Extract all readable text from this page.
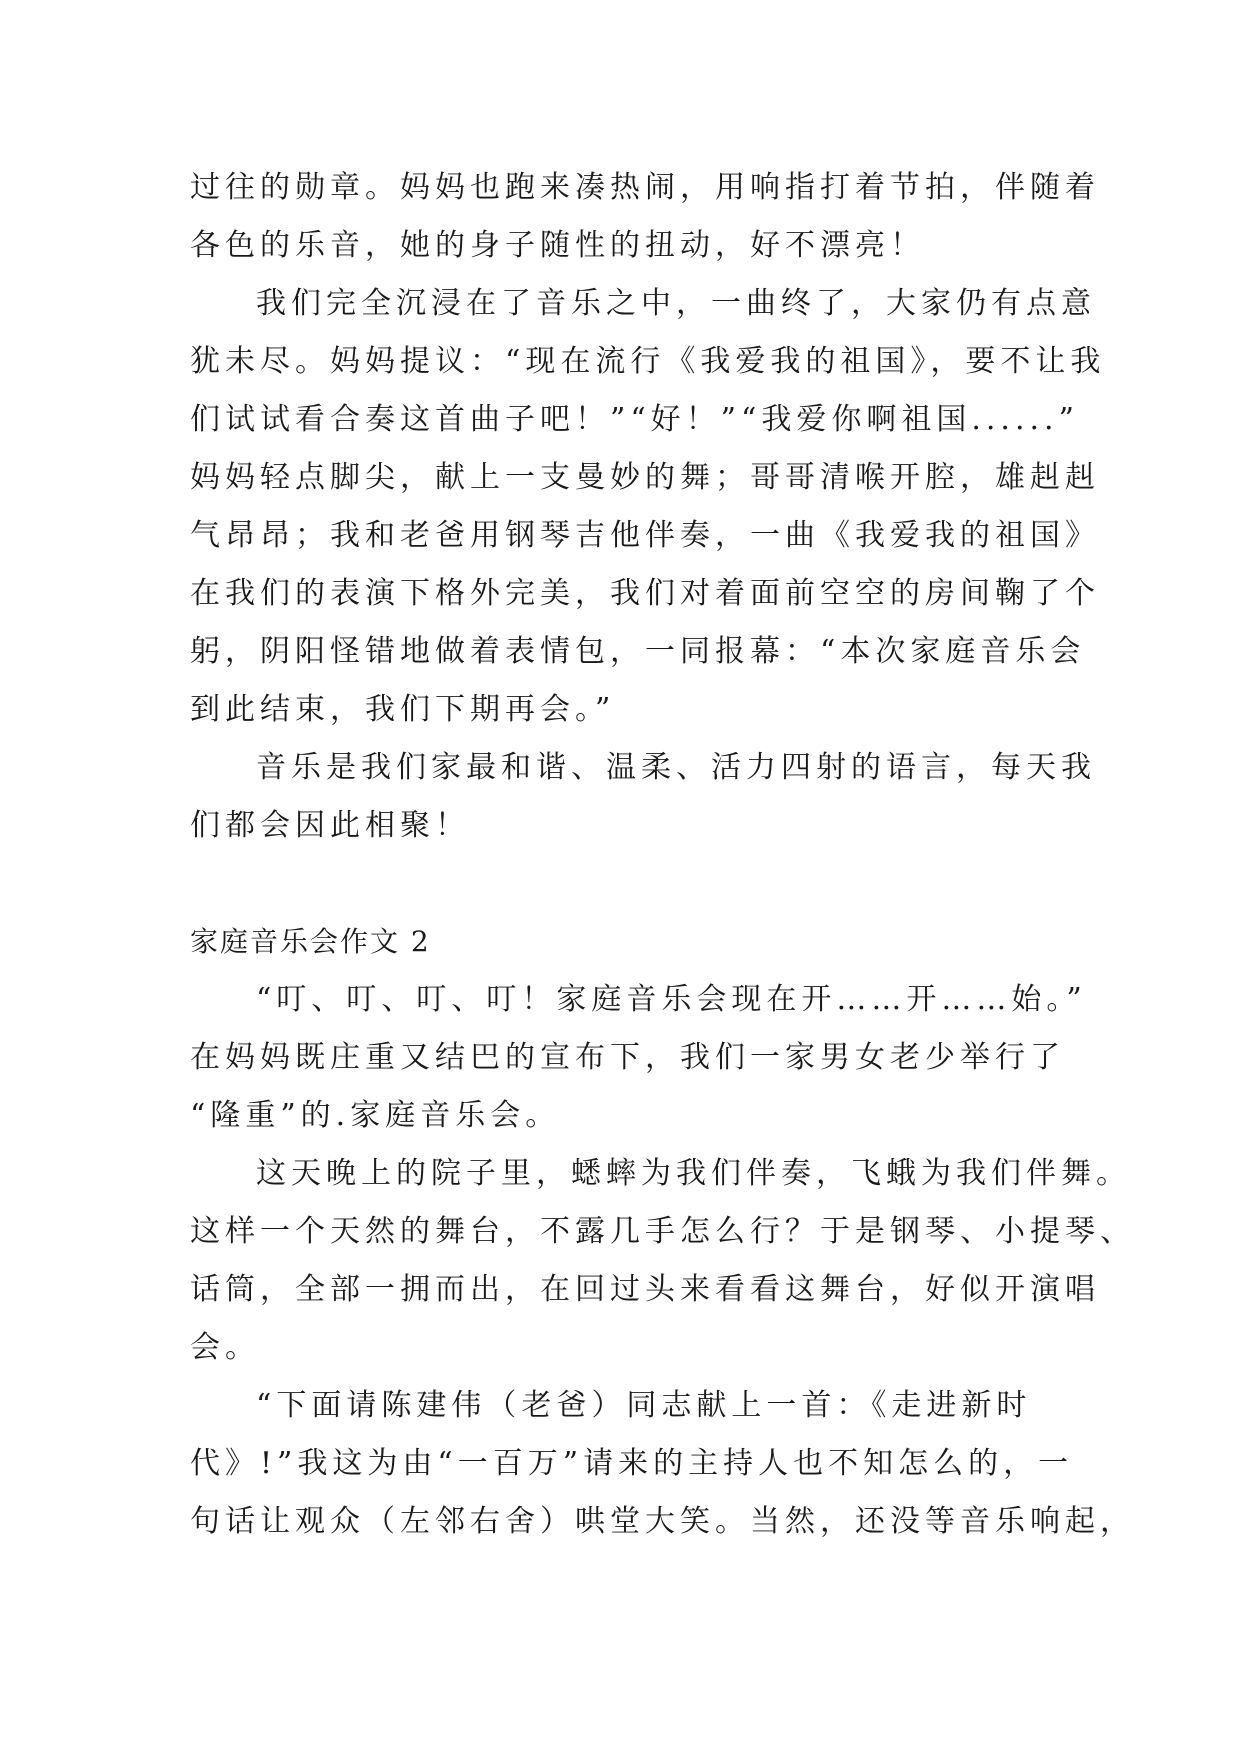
过往的勋章。妈妈也跑来凑热闹，用响指打着节拍，伴随着
各色的乐音，她的身子随性的扭动，好不漂亮！
我们完全沉浸在了音乐之中，一曲终了，大家仍有点意
犹未尽。妈妈提议：“现在流行《我爱我的祖国》，要不让我
们试试看合奏这首曲子吧！”“好！”“我爱你啊祖国......”
妈妈轻点脚尖，献上一支曼妙的舞；哥哥清喉开腔，雄赳赳
气昂昂；我和老爸用钢琴吉他伴奏，一曲《我爱我的祖国》
在我们的表演下格外完美，我们对着面前空空的房间鞠了个
躬，阴阳怪错地做着表情包，一同报幕：“本次家庭音乐会
到此结束，我们下期再会。”
音乐是我们家最和谐、温柔、活力四射的语言，每天我
们都会因此相聚！
家庭音乐会作文 2
“叮、叮、叮、叮！家庭音乐会现在开……开……始。”
在妈妈既庄重又结巴的宣布下，我们一家男女老少举行了
“隆重”的.家庭音乐会。
这天晚上的院子里，蟋蟀为我们伴奏，飞蛾为我们伴舞。
这样一个天然的舞台，不露几手怎么行？于是钢琴、小提琴、
话筒，全部一拥而出，在回过头来看看这舞台，好似开演唱
会。
“下面请陈建伟（老爸）同志献上一首：《走进新时
代》!”我这为由“一百万”请来的主持人也不知怎么的，一
句话让观众（左邻右舍）哄堂大笑。当然，还没等音乐响起，
